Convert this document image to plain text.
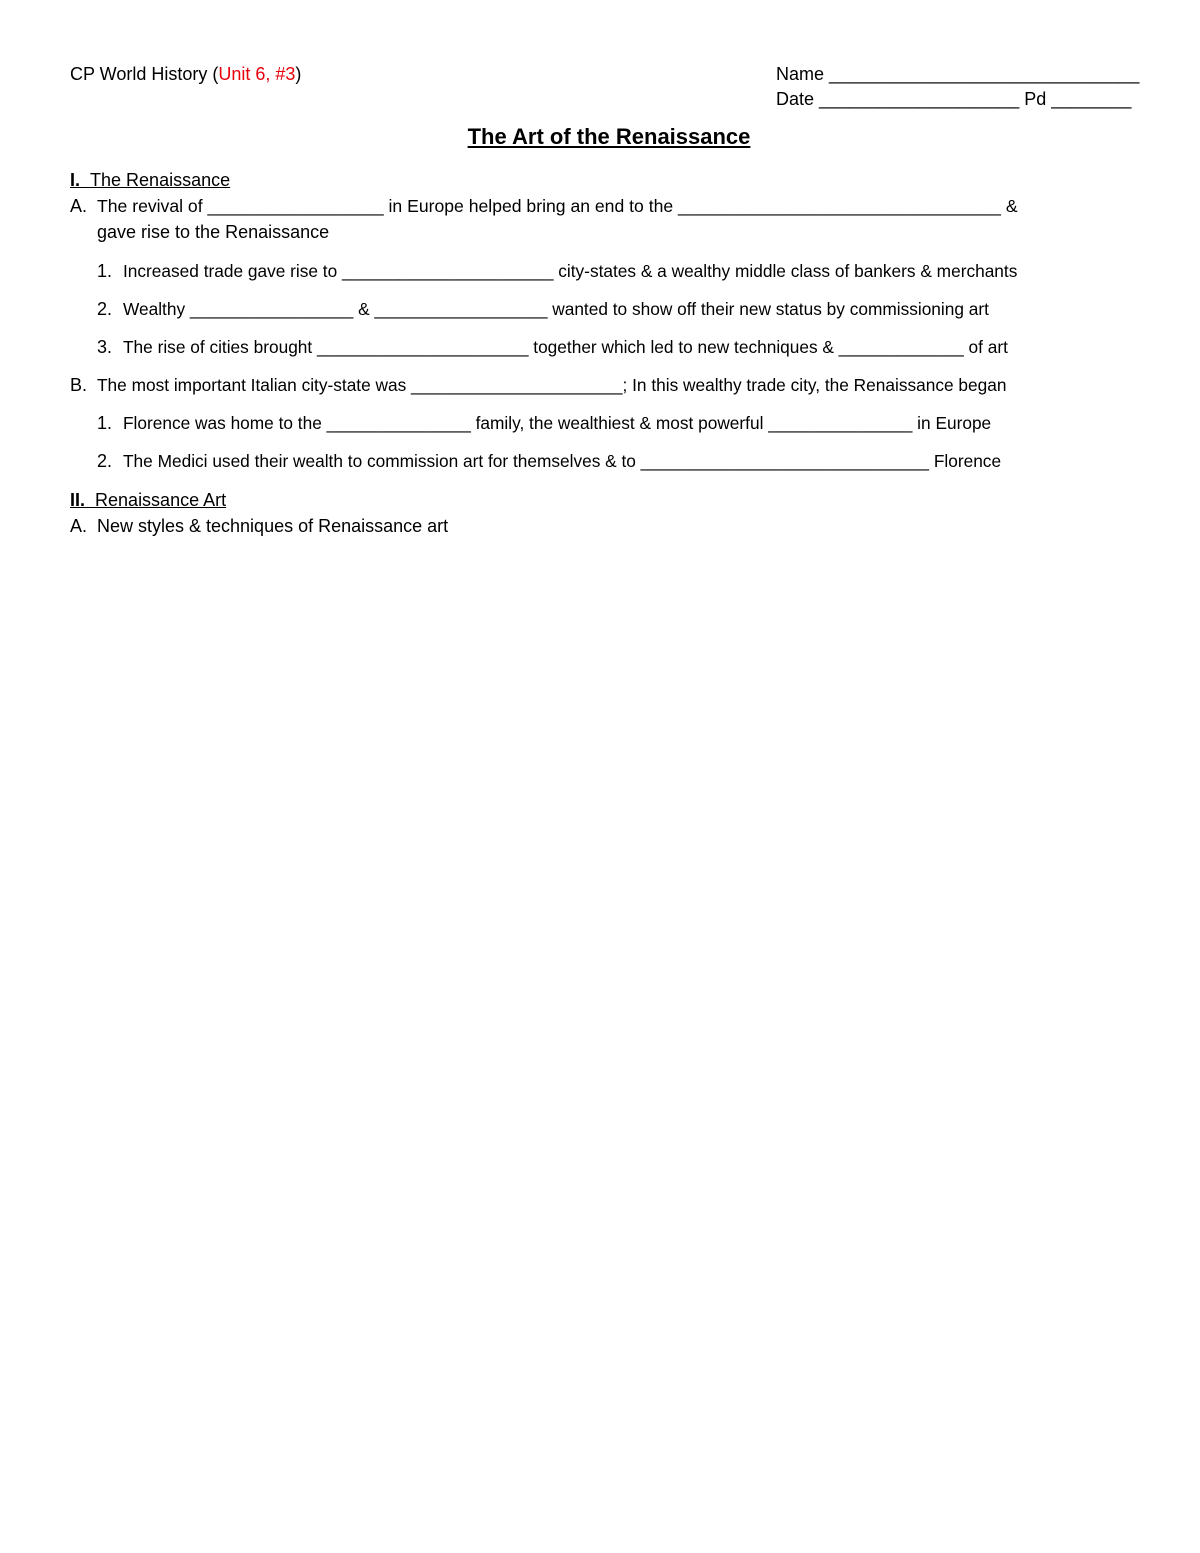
CP World History (Unit 6, #3)	Name _______________________________
Date ____________________ Pd ________
The Art of the Renaissance
I. The Renaissance
A. The revival of __________________ in Europe helped bring an end to the _________________________________ &
gave rise to the Renaissance
1. Increased trade gave rise to ______________________ city-states & a wealthy middle class of bankers & merchants
2. Wealthy _________________ & __________________ wanted to show off their new status by commissioning art
3. The rise of cities brought ______________________ together which led to new techniques & _____________ of art
B. The most important Italian city-state was ______________________; In this wealthy trade city, the Renaissance began
1. Florence was home to the _______________ family, the wealthiest & most powerful _______________ in Europe
2. The Medici used their wealth to commission art for themselves & to ______________________________ Florence
II. Renaissance Art
A. New styles & techniques of Renaissance art
